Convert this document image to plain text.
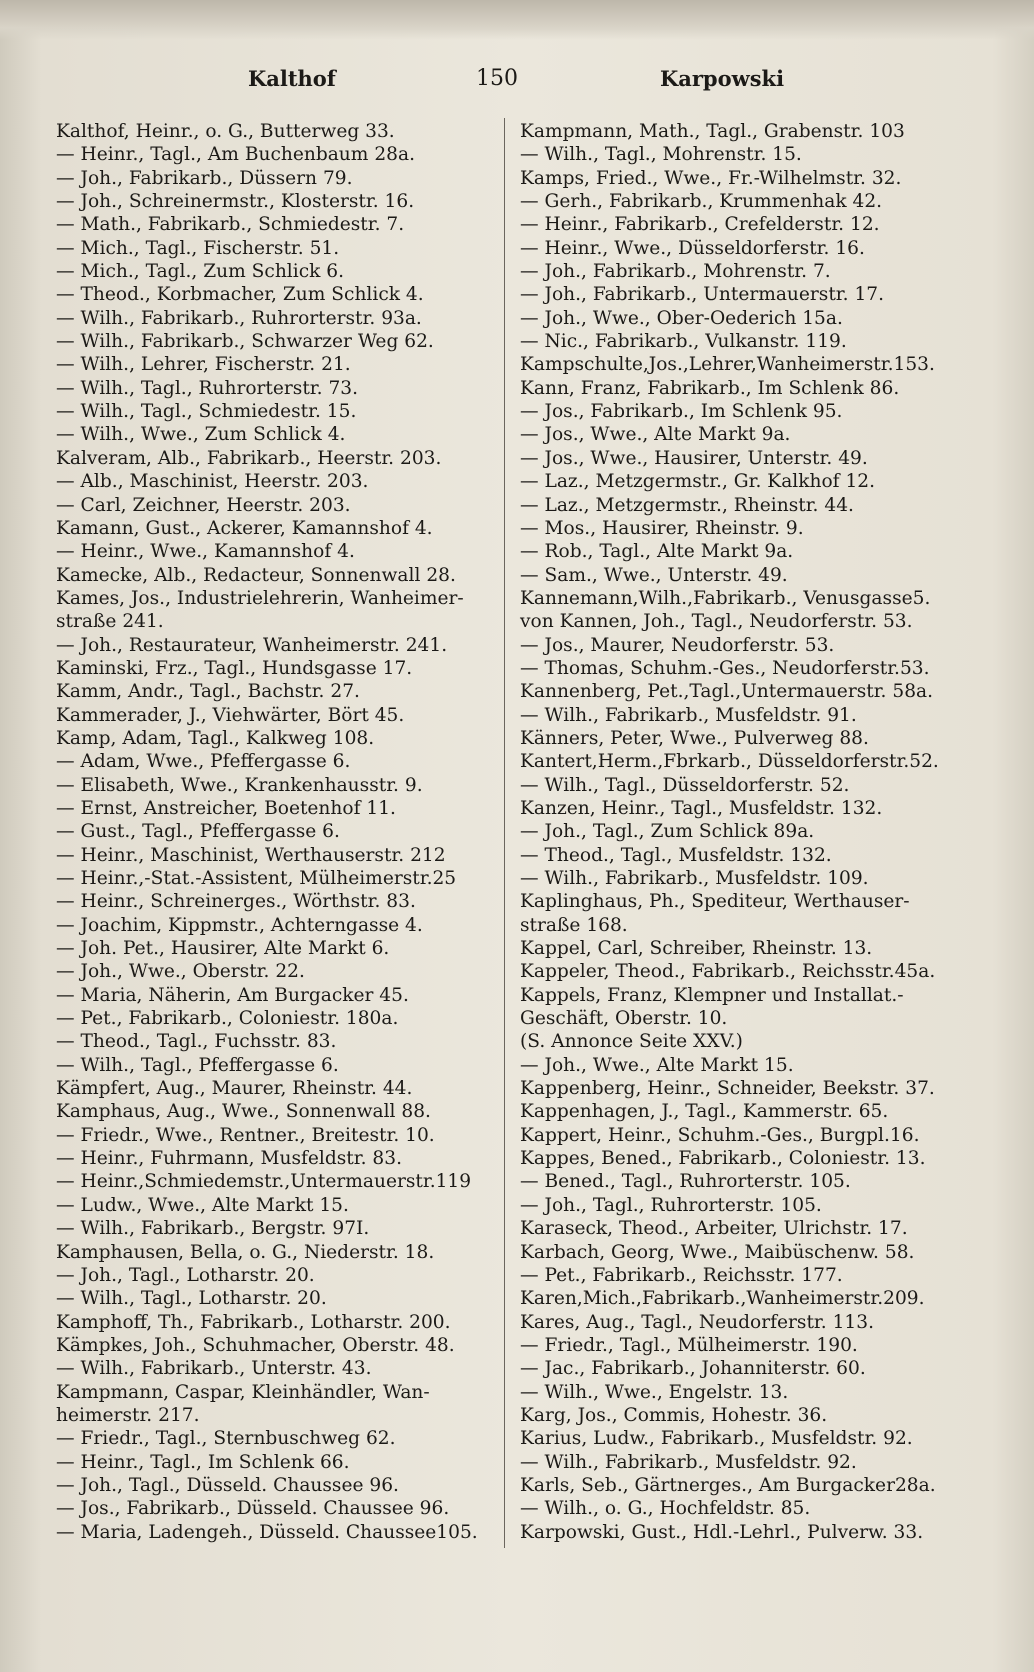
Kalthof	150	Karpowski
Kalthof, Heinr., o. G., Butterweg 33.
— Heinr., Tagl., Am Buchenbaum 28a.
— Joh., Fabrikarb., Düssern 79.
— Joh., Schreinermstr., Klosterstr. 16.
— Math., Fabrikarb., Schmiedestr. 7.
— Mich., Tagl., Fischerstr. 51.
— Mich., Tagl., Zum Schlick 6.
— Theod., Korbmacher, Zum Schlick 4.
— Wilh., Fabrikarb., Ruhrorterstr. 93a.
— Wilh., Fabrikarb., Schwarzer Weg 62.
— Wilh., Lehrer, Fischerstr. 21.
— Wilh., Tagl., Ruhrorterstr. 73.
— Wilh., Tagl., Schmiedestr. 15.
— Wilh., Wwe., Zum Schlick 4.
Kalveram, Alb., Fabrikarb., Heerstr. 203.
— Alb., Maschinist, Heerstr. 203.
— Carl, Zeichner, Heerstr. 203.
Kamann, Gust., Ackerer, Kamannshof 4.
— Heinr., Wwe., Kamannshof 4.
Kamecke, Alb., Redacteur, Sonnenwall 28.
Kames, Jos., Industrielehrerin, Wanheimer-
straße 241.
— Joh., Restaurateur, Wanheimerstr. 241.
Kaminski, Frz., Tagl., Hundsgasse 17.
Kamm, Andr., Tagl., Bachstr. 27.
Kammerader, J., Viehwärter, Bört 45.
Kamp, Adam, Tagl., Kalkweg 108.
— Adam, Wwe., Pfeffergasse 6.
— Elisabeth, Wwe., Krankenhausstr. 9.
— Ernst, Anstreicher, Boetenhof 11.
— Gust., Tagl., Pfeffergasse 6.
— Heinr., Maschinist, Werthauserstr. 212
— Heinr.,-Stat.-Assistent, Mülheimerstr.25
— Heinr., Schreinerges., Wörthstr. 83.
— Joachim, Kippmstr., Achterngasse 4.
— Joh. Pet., Hausirer, Alte Markt 6.
— Joh., Wwe., Oberstr. 22.
— Maria, Näherin, Am Burgacker 45.
— Pet., Fabrikarb., Coloniestr. 180a.
— Theod., Tagl., Fuchsstr. 83.
— Wilh., Tagl., Pfeffergasse 6.
Kämpfert, Aug., Maurer, Rheinstr. 44.
Kamphaus, Aug., Wwe., Sonnenwall 88.
— Friedr., Wwe., Rentner., Breitestr. 10.
— Heinr., Fuhrmann, Musfeldstr. 83.
— Heinr.,Schmiedemstr.,Untermauerstr.119
— Ludw., Wwe., Alte Markt 15.
— Wilh., Fabrikarb., Bergstr. 97I.
Kamphausen, Bella, o. G., Niederstr. 18.
— Joh., Tagl., Lotharstr. 20.
— Wilh., Tagl., Lotharstr. 20.
Kamphoff, Th., Fabrikarb., Lotharstr. 200.
Kämpkes, Joh., Schuhmacher, Oberstr. 48.
— Wilh., Fabrikarb., Unterstr. 43.
Kampmann, Caspar, Kleinhändler, Wan-
heimerstr. 217.
— Friedr., Tagl., Sternbuschweg 62.
— Heinr., Tagl., Im Schlenk 66.
— Joh., Tagl., Düsseld. Chaussee 96.
— Jos., Fabrikarb., Düsseld. Chaussee 96.
— Maria, Ladengeh., Düsseld. Chaussee105.
Kampmann, Math., Tagl., Grabenstr. 103
— Wilh., Tagl., Mohrenstr. 15.
Kamps, Fried., Wwe., Fr.-Wilhelmstr. 32.
— Gerh., Fabrikarb., Krummenhak 42.
— Heinr., Fabrikarb., Crefelderstr. 12.
— Heinr., Wwe., Düsseldorferstr. 16.
— Joh., Fabrikarb., Mohrenstr. 7.
— Joh., Fabrikarb., Untermauerstr. 17.
— Joh., Wwe., Ober-Oederich 15a.
— Nic., Fabrikarb., Vulkanstr. 119.
Kampschulte,Jos.,Lehrer,Wanheimerstr.153.
Kann, Franz, Fabrikarb., Im Schlenk 86.
— Jos., Fabrikarb., Im Schlenk 95.
— Jos., Wwe., Alte Markt 9a.
— Jos., Wwe., Hausirer, Unterstr. 49.
— Laz., Metzgermstr., Gr. Kalkhof 12.
— Laz., Metzgermstr., Rheinstr. 44.
— Mos., Hausirer, Rheinstr. 9.
— Rob., Tagl., Alte Markt 9a.
— Sam., Wwe., Unterstr. 49.
Kannemann,Wilh.,Fabrikarb., Venusgasse5.
von Kannen, Joh., Tagl., Neudorferstr. 53.
— Jos., Maurer, Neudorferstr. 53.
— Thomas, Schuhm.-Ges., Neudorferstr.53.
Kannenberg, Pet.,Tagl.,Untermauerstr. 58a.
— Wilh., Fabrikarb., Musfeldstr. 91.
Känners, Peter, Wwe., Pulverweg 88.
Kantert,Herm.,Fbrkarb., Düsseldorferstr.52.
— Wilh., Tagl., Düsseldorferstr. 52.
Kanzen, Heinr., Tagl., Musfeldstr. 132.
— Joh., Tagl., Zum Schlick 89a.
— Theod., Tagl., Musfeldstr. 132.
— Wilh., Fabrikarb., Musfeldstr. 109.
Kaplinghaus, Ph., Spediteur, Werthauser-
straße 168.
Kappel, Carl, Schreiber, Rheinstr. 13.
Kappeler, Theod., Fabrikarb., Reichsstr.45a.
Kappels, Franz, Klempner und Installat.-
Geschäft, Oberstr. 10.
(S. Annonce Seite XXV.)
— Joh., Wwe., Alte Markt 15.
Kappenberg, Heinr., Schneider, Beekstr. 37.
Kappenhagen, J., Tagl., Kammerstr. 65.
Kappert, Heinr., Schuhm.-Ges., Burgpl.16.
Kappes, Bened., Fabrikarb., Coloniestr. 13.
— Bened., Tagl., Ruhrorterstr. 105.
— Joh., Tagl., Ruhrorterstr. 105.
Karaseck, Theod., Arbeiter, Ulrichstr. 17.
Karbach, Georg, Wwe., Maibüschenw. 58.
— Pet., Fabrikarb., Reichsstr. 177.
Karen,Mich.,Fabrikarb.,Wanheimerstr.209.
Kares, Aug., Tagl., Neudorferstr. 113.
— Friedr., Tagl., Mülheimerstr. 190.
— Jac., Fabrikarb., Johanniterstr. 60.
— Wilh., Wwe., Engelstr. 13.
Karg, Jos., Commis, Hohestr. 36.
Karius, Ludw., Fabrikarb., Musfeldstr. 92.
— Wilh., Fabrikarb., Musfeldstr. 92.
Karls, Seb., Gärtnerges., Am Burgacker28a.
— Wilh., o. G., Hochfeldstr. 85.
Karpowski, Gust., Hdl.-Lehrl., Pulverw. 33.
